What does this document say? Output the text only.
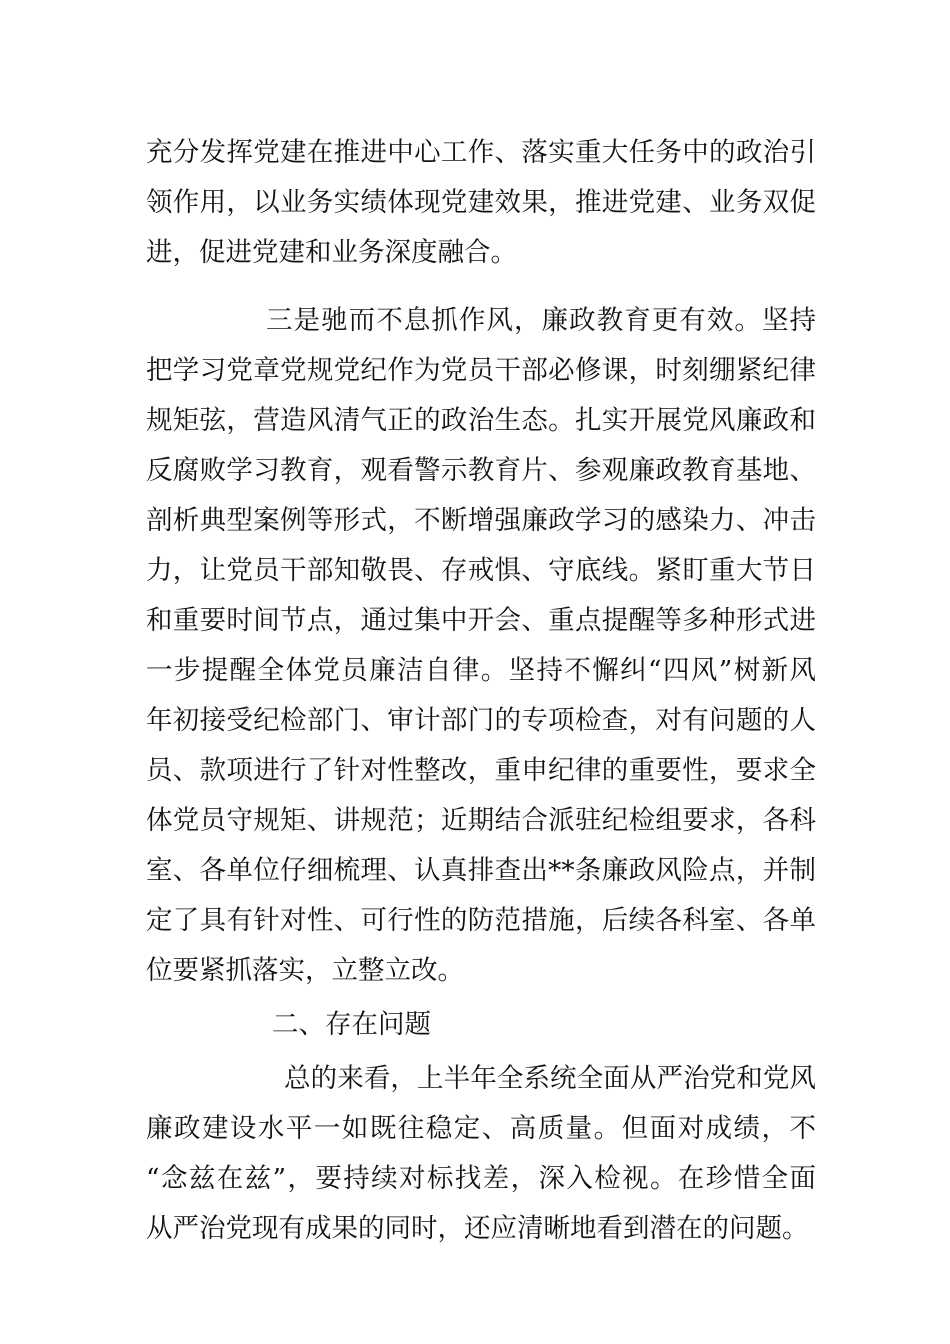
充分发挥党建在推进中心工作、落实重大任务中的政治引
领作用，以业务实绩体现党建效果，推进党建、业务双促
进，促进党建和业务深度融合。
三是驰而不息抓作风，廉政教育更有效。坚持
把学习党章党规党纪作为党员干部必修课，时刻绷紧纪律
规矩弦，营造风清气正的政治生态。扎实开展党风廉政和
反腐败学习教育，观看警示教育片、参观廉政教育基地、
剖析典型案例等形式，不断增强廉政学习的感染力、冲击
力，让党员干部知敬畏、存戒惧、守底线。紧盯重大节日
和重要时间节点，通过集中开会、重点提醒等多种形式进
一步提醒全体党员廉洁自律。坚持不懈纠“四风”树新风
年初接受纪检部门、审计部门的专项检查，对有问题的人
员、款项进行了针对性整改，重申纪律的重要性，要求全
体党员守规矩、讲规范；近期结合派驻纪检组要求，各科
室、各单位仔细梳理、认真排查出**条廉政风险点，并制
定了具有针对性、可行性的防范措施，后续各科室、各单
位要紧抓落实，立整立改。
二、存在问题
总的来看，上半年全系统全面从严治党和党风
廉政建设水平一如既往稳定、高质量。但面对成绩，不
“念兹在兹”，要持续对标找差，深入检视。在珍惜全面
从严治党现有成果的同时，还应清晰地看到潜在的问题。
